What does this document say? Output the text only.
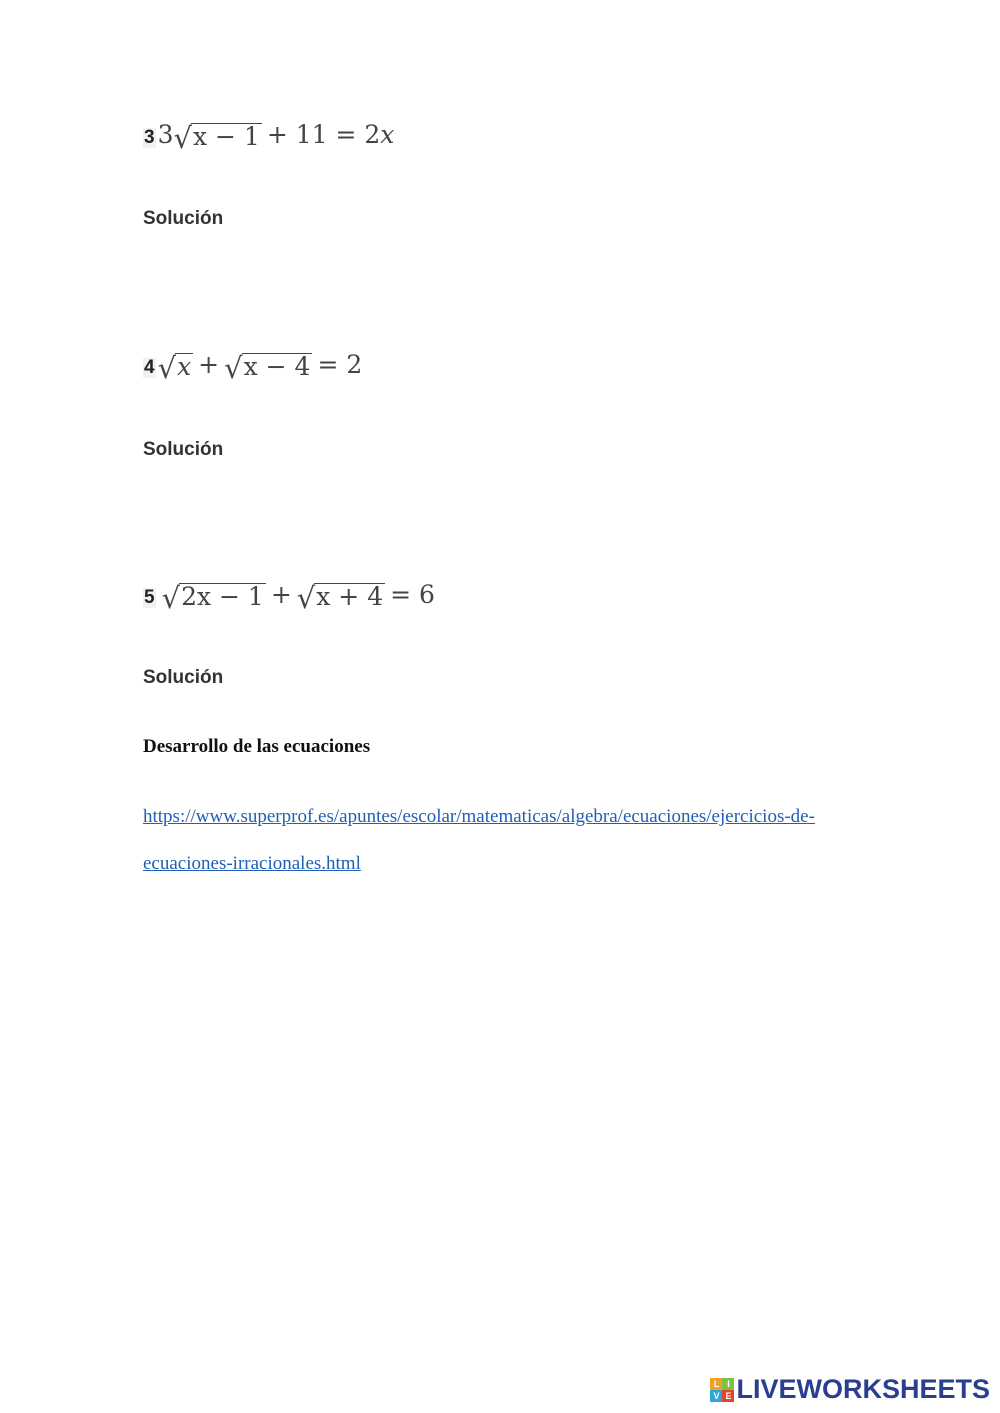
3 3 √ x − 1 + 11 = 2 x
Solución
4 √ x + √ x − 4 = 2
Solución
5 √ 2x − 1 + √ x + 4 = 6
Solución
Desarrollo de las ecuaciones
https://www.superprof.es/apuntes/escolar/matematicas/algebra/ecuaciones/ejercicios-de-
ecuaciones-irracionales.html
L I
V E LIVEWORKSHEETS
